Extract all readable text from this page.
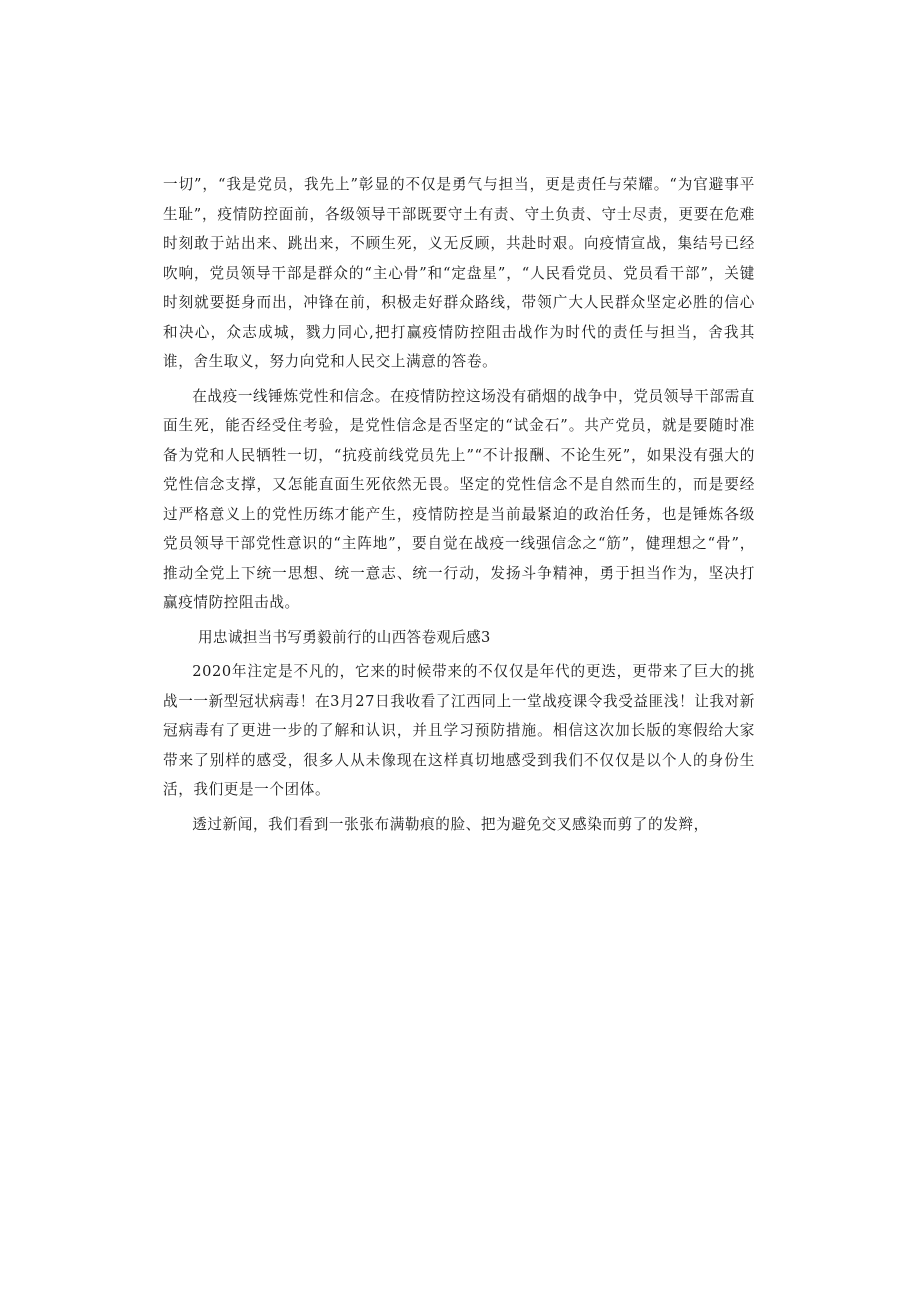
一切”，“我是党员，我先上”彰显的不仅是勇气与担当，更是责任与荣耀。“为官避事平生耻”，疫情防控面前，各级领导干部既要守土有责、守土负责、守士尽责，更要在危难时刻敢于站出来、跳出来，不顾生死，义无反顾，共赴时艰。向疫情宣战，集结号已经吹响，党员领导干部是群众的“主心骨”和“定盘星”，“人民看党员、党员看干部”，关键时刻就要挺身而出，冲锋在前，积极走好群众路线，带领广大人民群众坚定必胜的信心和决心，众志成城，戮力同心,把打赢疫情防控阻击战作为时代的责任与担当，舍我其谁，舍生取义，努力向党和人民交上满意的答卷。

在战疫一线锤炼党性和信念。在疫情防控这场没有硝烟的战争中，党员领导干部需直面生死，能否经受住考验，是党性信念是否坚定的“试金石”。共产党员，就是要随时准备为党和人民牺牲一切，“抗疫前线党员先上”“不计报酬、不论生死”，如果没有强大的党性信念支撑，又怎能直面生死依然无畏。坚定的党性信念不是自然而生的，而是要经过严格意义上的党性历练才能产生，疫情防控是当前最紧迫的政治任务，也是锤炼各级党员领导干部党性意识的“主阵地”，要自觉在战疫一线强信念之“筋”，健理想之“骨”，推动全党上下统一思想、统一意志、统一行动，发扬斗争精神，勇于担当作为，坚决打赢疫情防控阻击战。

用忠诚担当书写勇毅前行的山西答卷观后感3

2020年注定是不凡的，它来的时候带来的不仅仅是年代的更迭，更带来了巨大的挑战一一新型冠状病毒！在3月27日我收看了江西同上一堂战疫课令我受益匪浅！让我对新冠病毒有了更进一步的了解和认识，并且学习预防措施。相信这次加长版的寒假给大家带来了别样的感受，很多人从未像现在这样真切地感受到我们不仅仅是以个人的身份生活，我们更是一个团体。

透过新闻，我们看到一张张布满勒痕的脸、把为避免交叉感染而剪了的发辫，
